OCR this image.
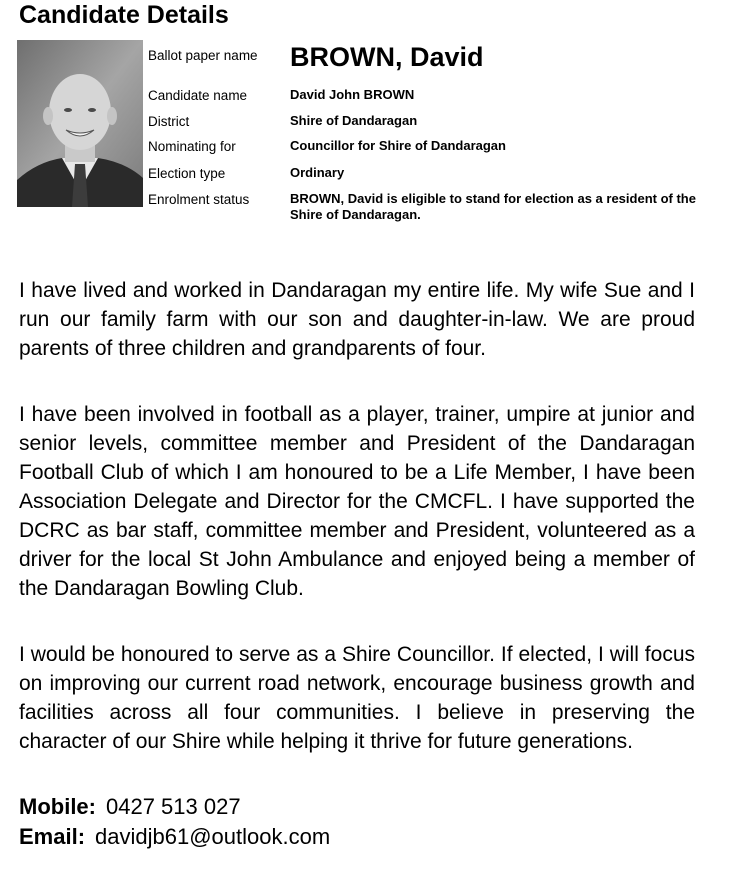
Candidate Details
Ballot paper name BROWN, David
Candidate name	David John BROWN
District	Shire of Dandaragan
Nominating for	Councillor for Shire of Dandaragan
Election type	Ordinary
Enrolment status	BROWN, David is eligible to stand for election as a resident of the Shire of Dandaragan.

I have lived and worked in Dandaragan my entire life. My wife Sue and I run our family farm with our son and daughter-in-law. We are proud parents of three children and grandparents of four.

I have been involved in football as a player, trainer, umpire at junior and senior levels, committee member and President of the Dandaragan Football Club of which I am honoured to be a Life Member, I have been Association Delegate and Director for the CMCFL. I have supported the DCRC as bar staff, committee member and President, volunteered as a driver for the local St John Ambulance and enjoyed being a member of the Dandaragan Bowling Club.

I would be honoured to serve as a Shire Councillor. If elected, I will focus on improving our current road network, encourage business growth and facilities across all four communities. I believe in preserving the character of our Shire while helping it thrive for future generations.

Mobile: 0427 513 027
Email: davidjb61@outlook.com
